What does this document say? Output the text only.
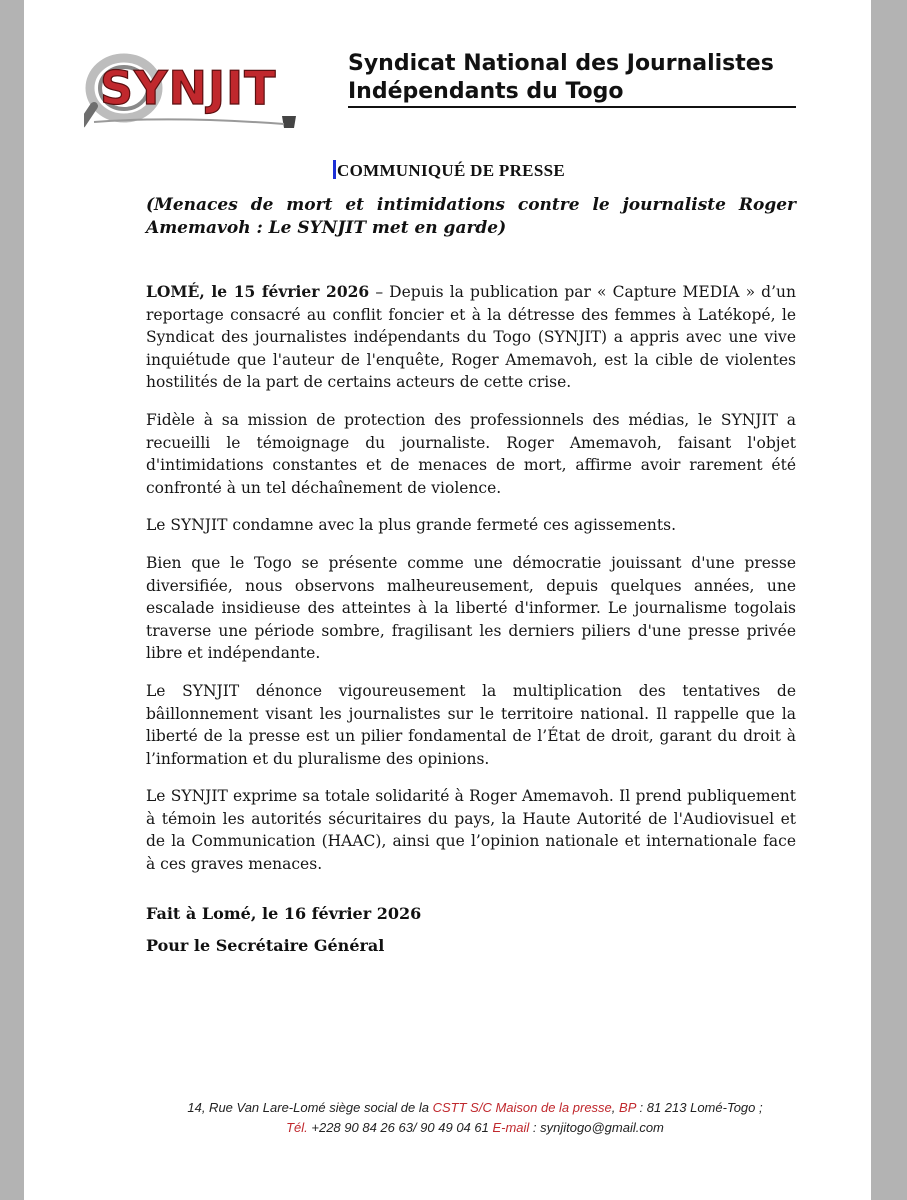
SYNJIT	Syndicat National des Journalistes
Indépendants du Togo
COMMUNIQUÉ DE PRESSE
(Menaces de mort et intimidations contre le journaliste Roger Amemavoh : Le SYNJIT met en garde)

LOMÉ, le 15 février 2026 – Depuis la publication par « Capture MEDIA » d’un reportage consacré au conflit foncier et à la détresse des femmes à Latékopé, le Syndicat des journalistes indépendants du Togo (SYNJIT) a appris avec une vive inquiétude que l'auteur de l'enquête, Roger Amemavoh, est la cible de violentes hostilités de la part de certains acteurs de cette crise.

Fidèle à sa mission de protection des professionnels des médias, le SYNJIT a recueilli le témoignage du journaliste. Roger Amemavoh, faisant l'objet d'intimidations constantes et de menaces de mort, affirme avoir rarement été confronté à un tel déchaînement de violence.

Le SYNJIT condamne avec la plus grande fermeté ces agissements.

Bien que le Togo se présente comme une démocratie jouissant d'une presse diversifiée, nous observons malheureusement, depuis quelques années, une escalade insidieuse des atteintes à la liberté d'informer. Le journalisme togolais traverse une période sombre, fragilisant les derniers piliers d'une presse privée libre et indépendante.

Le SYNJIT dénonce vigoureusement la multiplication des tentatives de bâillonnement visant les journalistes sur le territoire national. Il rappelle que la liberté de la presse est un pilier fondamental de l’État de droit, garant du droit à l’information et du pluralisme des opinions.

Le SYNJIT exprime sa totale solidarité à Roger Amemavoh. Il prend publiquement à témoin les autorités sécuritaires du pays, la Haute Autorité de l'Audiovisuel et de la Communication (HAAC), ainsi que l’opinion nationale et internationale face à ces graves menaces.

Fait à Lomé, le 16 février 2026
Pour le Secrétaire Général
14, Rue Van Lare-Lomé siège social de la CSTT S/C Maison de la presse, BP : 81 213 Lomé-Togo ;
Tél. +228 90 84 26 63/ 90 49 04 61 E-mail : synjitogo@gmail.com
